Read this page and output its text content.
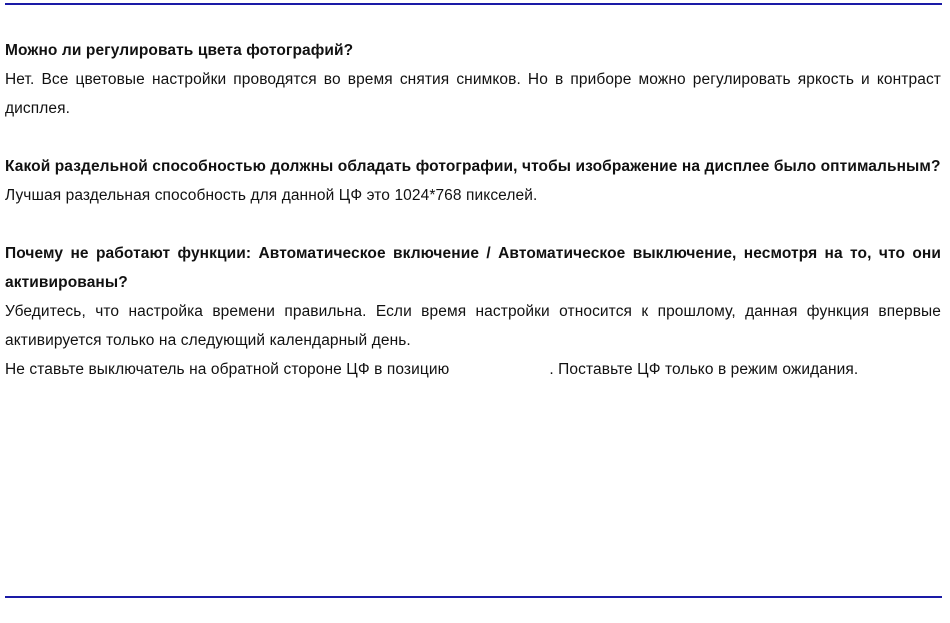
Можно ли регулировать цвета фотографий?

Нет. Все цветовые настройки проводятся во время снятия снимков. Но в приборе можно регулировать яркость и контраст дисплея.

Какой раздельной способностью должны обладать фотографии, чтобы изображение на дисплее было оптимальным?

Лучшая раздельная способность для данной ЦФ это 1024*768 пикселей.

Почему не работают функции: Автоматическое включение / Автоматическое выключение, несмотря на то, что они активированы?

Убедитесь, что настройка времени правильна. Если время настройки относится к прошлому, данная функция впервые активируется только на следующий календарный день.

Не ставьте выключатель на обратной стороне ЦФ в позицию	. Поставьте ЦФ только в режим ожидания.
